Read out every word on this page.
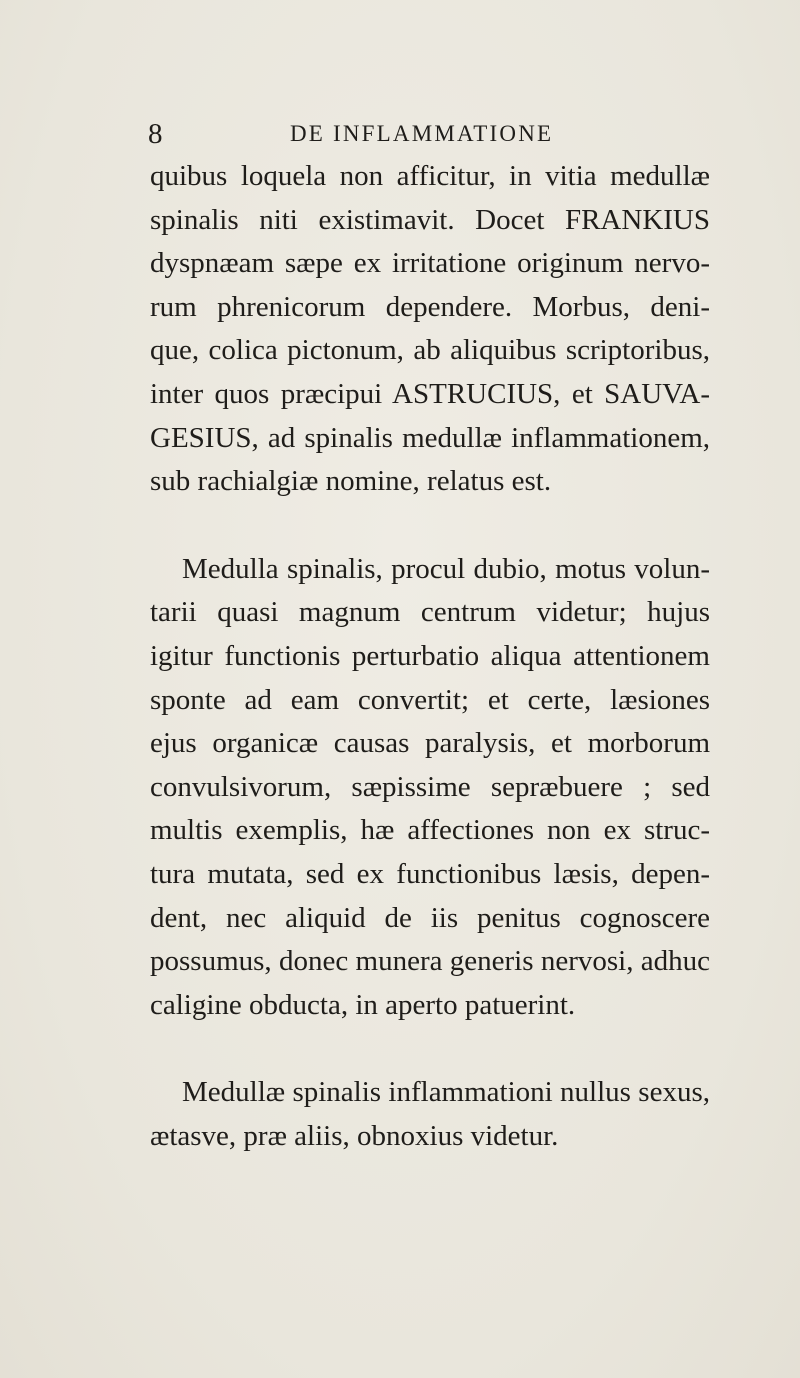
8	DE INFLAMMATIONE
quibus loquela non afficitur, in vitia medullæ
spinalis niti existimavit. Docet FRANKIUS
dyspnæam sæpe ex irritatione originum nervo-
rum phrenicorum dependere. Morbus, deni-
que, colica pictonum, ab aliquibus scriptoribus,
inter quos præcipui ASTRUCIUS, et SAUVA-
GESIUS, ad spinalis medullæ inflammationem,
sub rachialgiæ nomine, relatus est.
Medulla spinalis, procul dubio, motus volun-
tarii quasi magnum centrum videtur; hujus
igitur functionis perturbatio aliqua attentionem
sponte ad eam convertit; et certe, læsiones
ejus organicæ causas paralysis, et morborum
convulsivorum, sæpissime sepræbuere ; sed
multis exemplis, hæ affectiones non ex struc-
tura mutata, sed ex functionibus læsis, depen-
dent, nec aliquid de iis penitus cognoscere
possumus, donec munera generis nervosi, adhuc
caligine obducta, in aperto patuerint.
Medullæ spinalis inflammationi nullus sexus,
ætasve, præ aliis, obnoxius videtur.
